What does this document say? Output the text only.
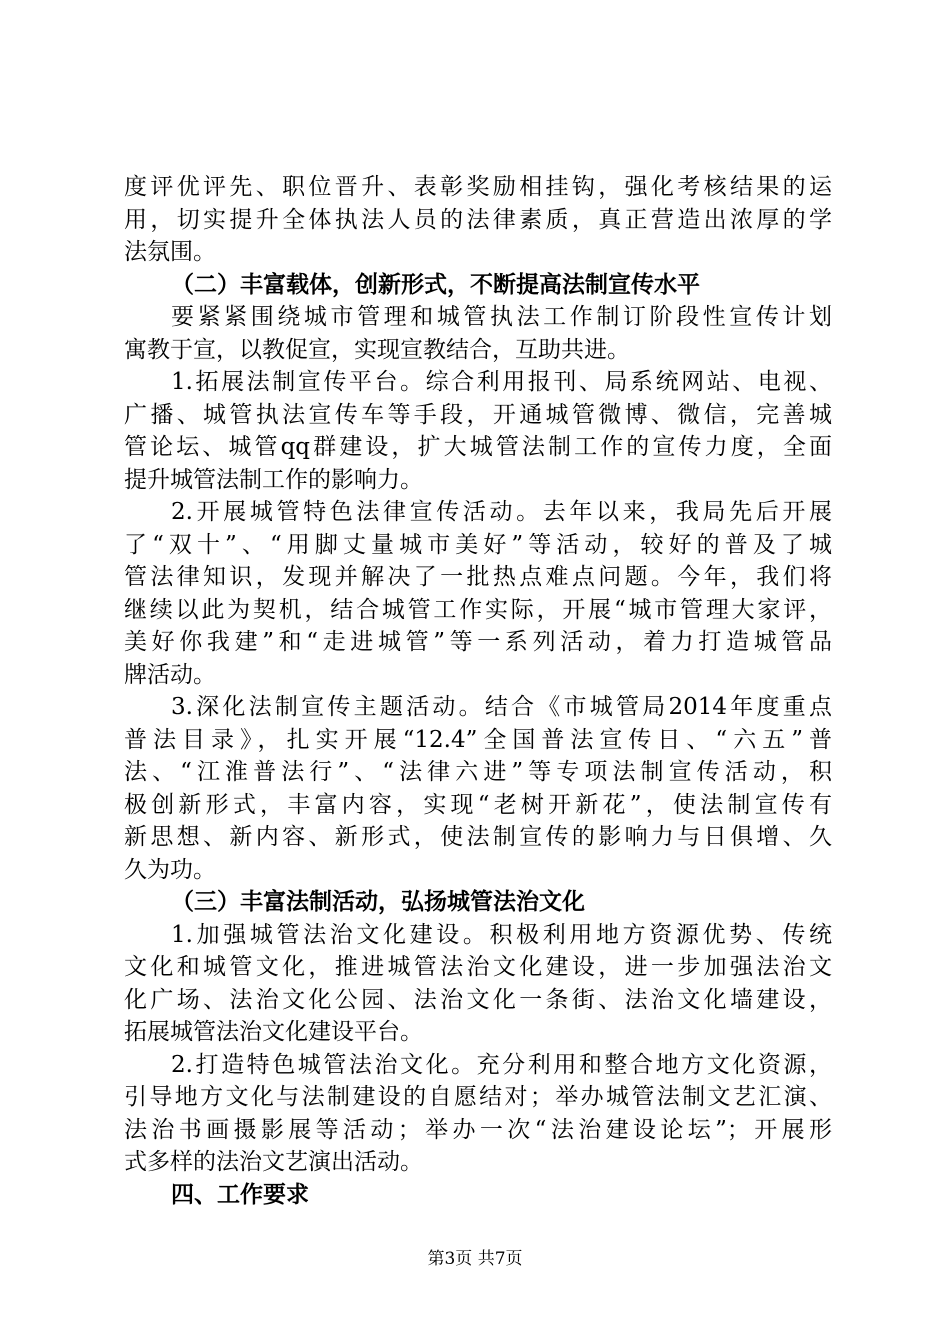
度评优评先、职位晋升、表彰奖励相挂钩，强化考核结果的运
用，切实提升全体执法人员的法律素质，真正营造出浓厚的学
法氛围。
（二）丰富载体，创新形式，不断提高法制宣传水平
要紧紧围绕城市管理和城管执法工作制订阶段性宣传计划
寓教于宣，以教促宣，实现宣教结合，互助共进。
1.拓展法制宣传平台。综合利用报刊、局系统网站、电视、
广播、城管执法宣传车等手段，开通城管微博、微信，完善城
管论坛、城管qq群建设，扩大城管法制工作的宣传力度，全面
提升城管法制工作的影响力。
2.开展城管特色法律宣传活动。去年以来，我局先后开展
了“双十”、“用脚丈量城市美好”等活动，较好的普及了城
管法律知识，发现并解决了一批热点难点问题。今年，我们将
继续以此为契机，结合城管工作实际，开展“城市管理大家评，
美好你我建”和“走进城管”等一系列活动，着力打造城管品
牌活动。
3.深化法制宣传主题活动。结合《市城管局2014年度重点
普法目录》，扎实开展“12.4”全国普法宣传日、“六五”普
法、“江淮普法行”、“法律六进”等专项法制宣传活动，积
极创新形式，丰富内容，实现“老树开新花”，使法制宣传有
新思想、新内容、新形式，使法制宣传的影响力与日俱增、久
久为功。
（三）丰富法制活动，弘扬城管法治文化
1.加强城管法治文化建设。积极利用地方资源优势、传统
文化和城管文化，推进城管法治文化建设，进一步加强法治文
化广场、法治文化公园、法治文化一条街、法治文化墙建设，
拓展城管法治文化建设平台。
2.打造特色城管法治文化。充分利用和整合地方文化资源，
引导地方文化与法制建设的自愿结对；举办城管法制文艺汇演、
法治书画摄影展等活动；举办一次“法治建设论坛”；开展形
式多样的法治文艺演出活动。
四、工作要求
第3页 共7页
